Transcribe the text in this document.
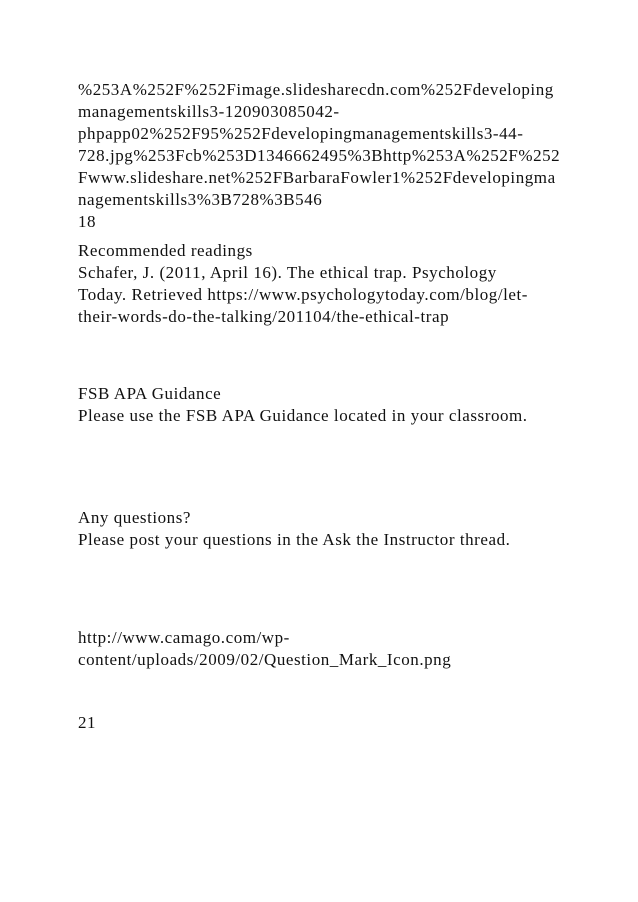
%253A%252F%252Fimage.slidesharecdn.com%252Fdeveloping
managementskills3-120903085042-
phpapp02%252F95%252Fdevelopingmanagementskills3-44-
728.jpg%253Fcb%253D1346662495%3Bhttp%253A%252F%252
Fwww.slideshare.net%252FBarbaraFowler1%252Fdevelopingma
nagementskills3%3B728%3B546
18
Recommended readings
Schafer, J. (2011, April 16). The ethical trap. Psychology
Today. Retrieved https://www.psychologytoday.com/blog/let-
their-words-do-the-talking/201104/the-ethical-trap
FSB APA Guidance
Please use the FSB APA Guidance located in your classroom.
Any questions?
Please post your questions in the Ask the Instructor thread.
http://www.camago.com/wp-
content/uploads/2009/02/Question_Mark_Icon.png
21
